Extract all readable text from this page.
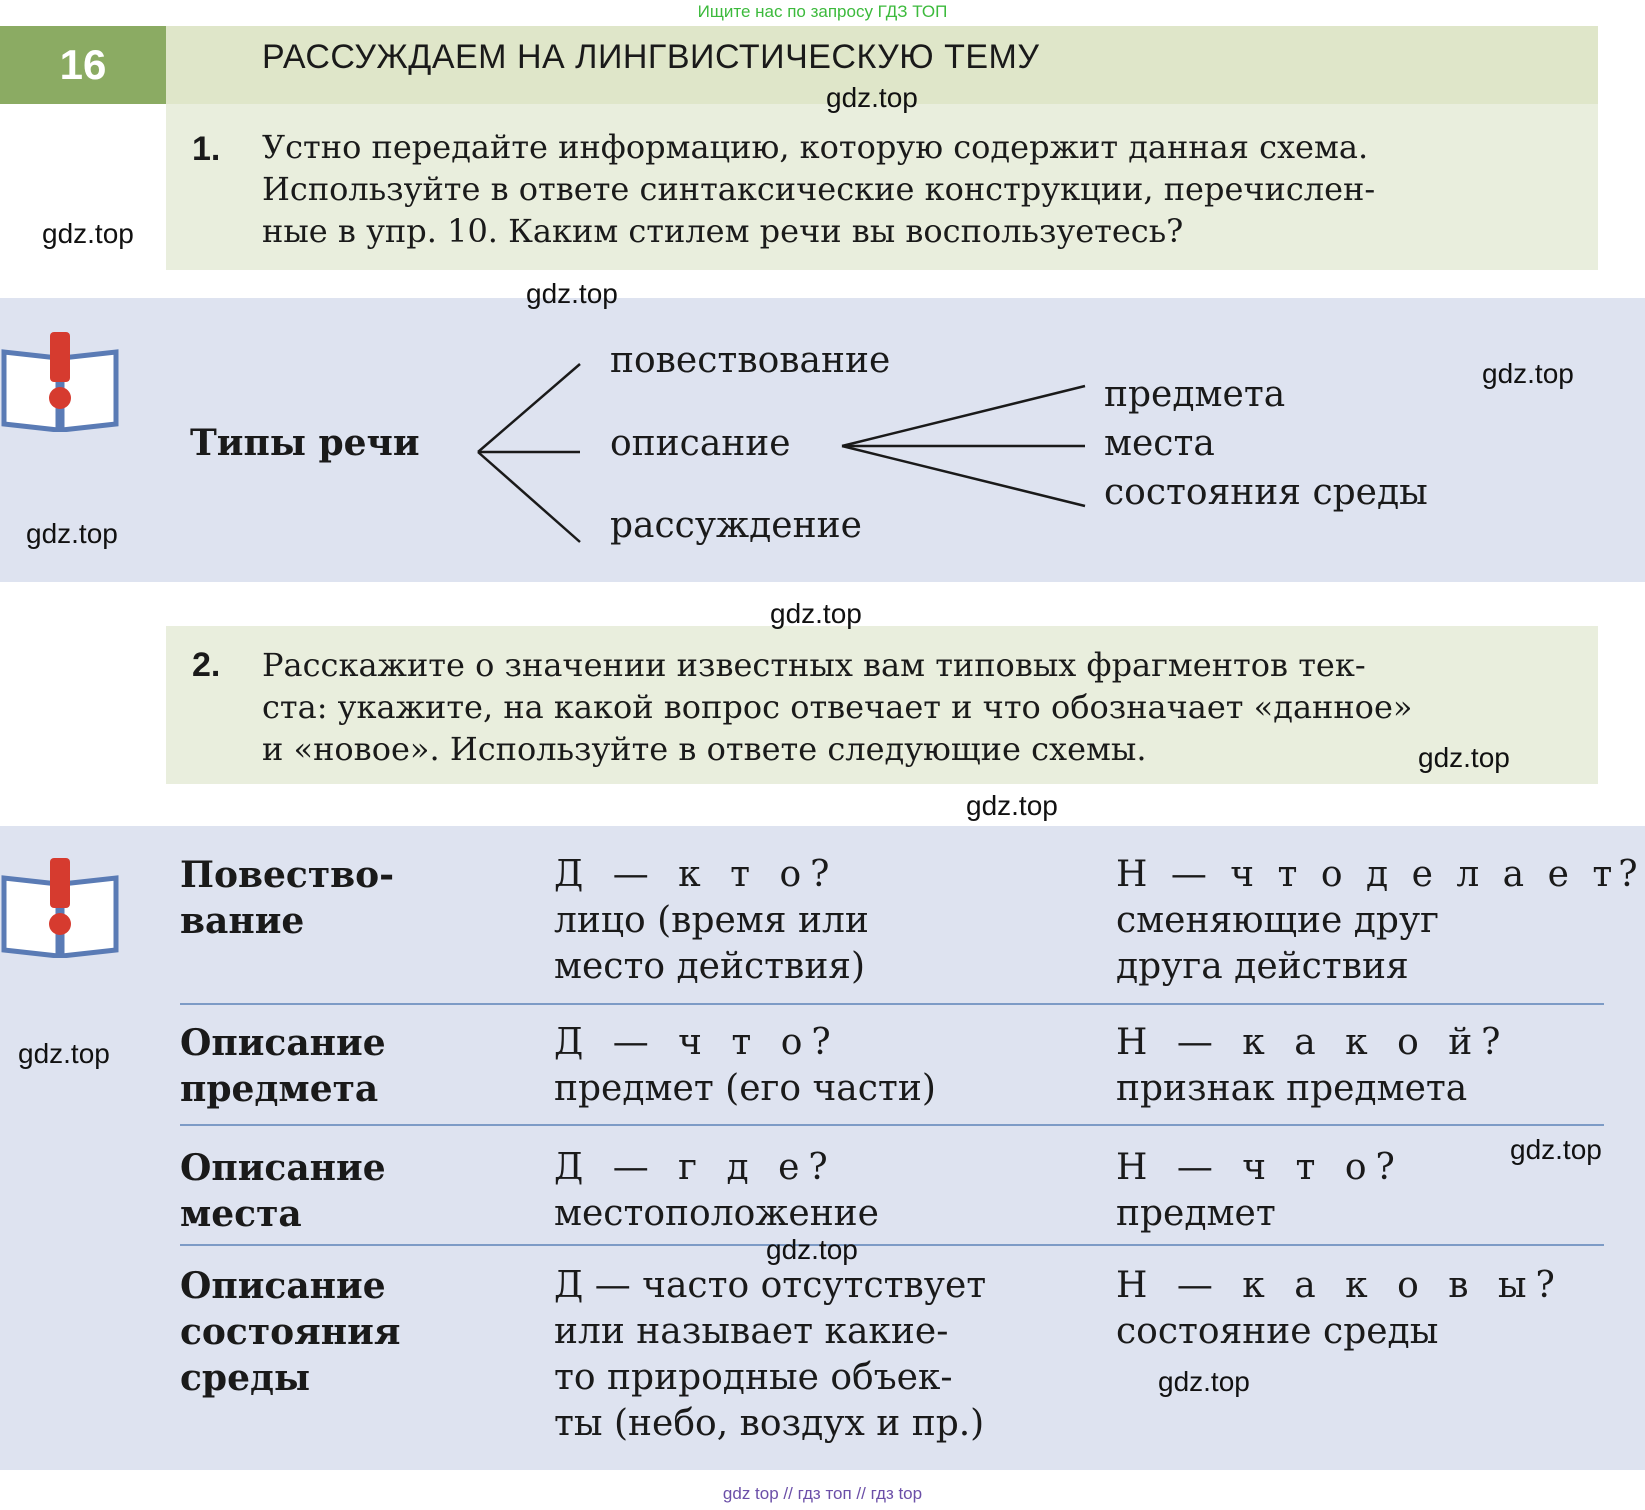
Ищите нас по запросу ГДЗ ТОП
16	РАССУЖДАЕМ НА ЛИНГВИСТИЧЕСКУЮ ТЕМУ
1. Устно передайте информацию, которую содержит данная схема.
Используйте в ответе синтаксические конструкции, перечислен-
ные в упр. 10. Каким стилем речи вы воспользуетесь?
Типы речи
повествование
описание
рассуждение
предмета
места
состояния среды
2. Расскажите о значении известных вам типовых фрагментов тек-
ста: укажите, на какой вопрос отвечает и что обозначает «данное»
и «новое». Используйте в ответе следующие схемы.
Повество-
вание
Д — к т о?
лицо (время или
место действия)
Н — ч т о д е л а е т?
сменяющие друг
друга действия
Описание
предмета
Д — ч т о?
предмет (его части)
Н — к а к о й?
признак предмета
Описание
места
Д — г д е?
местоположение
Н — ч т о?
предмет
Описание
состояния
среды
Д — часто отсутствует
или называет какие-
то природные объек-
ты (небо, воздух и пр.)
Н — к а к о в ы?
состояние среды
gdz.top
gdz.top
gdz.top
gdz.top
gdz.top
gdz.top
gdz.top
gdz.top
gdz.top
gdz.top
gdz.top
gdz.top
gdz top // гдз топ // гдз top
